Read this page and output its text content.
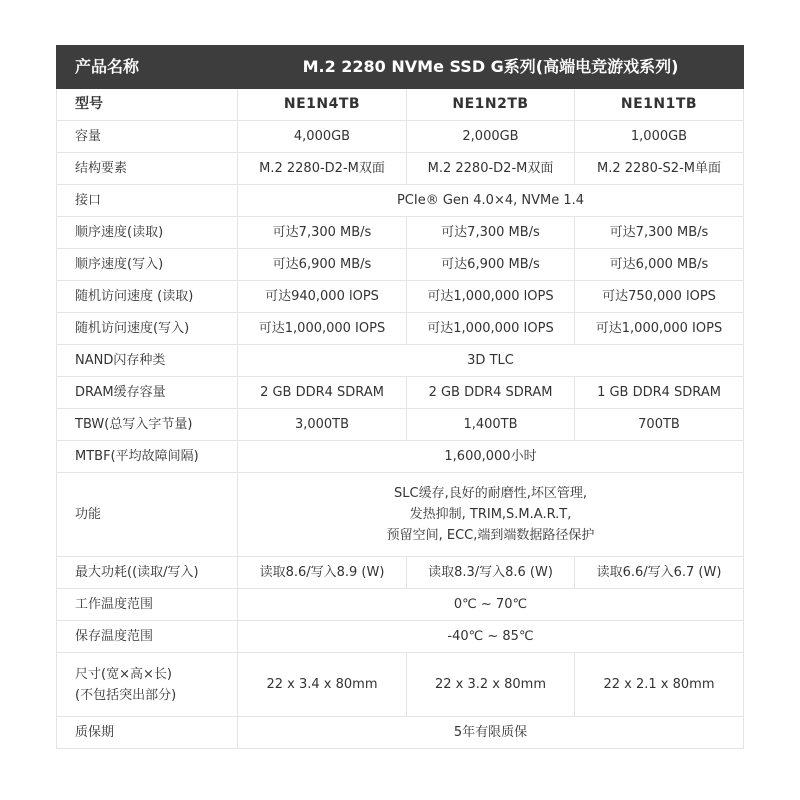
产品名称	M.2 2280 NVMe SSD G系列(高端电竞游戏系列)		
型号	NE1N4TB	NE1N2TB	NE1N1TB
容量	4,000GB	2,000GB	1,000GB
结构要素	M.2 2280-D2-M双面	M.2 2280-D2-M双面	M.2 2280-S2-M单面
接口	PCIe® Gen 4.0×4, NVMe 1.4		
顺序速度(读取)	可达7,300 MB/s	可达7,300 MB/s	可达7,300 MB/s
顺序速度(写入)	可达6,900 MB/s	可达6,900 MB/s	可达6,000 MB/s
随机访问速度 (读取)	可达940,000 lOPS	可达1,000,000 lOPS	可达750,000 lOPS
随机访问速度(写入)	可达1,000,000 IOPS	可达1,000,000 IOPS	可达1,000,000 IOPS
NAND闪存种类	3D TLC		
DRAM缓存容量	2 GB DDR4 SDRAM	2 GB DDR4 SDRAM	1 GB DDR4 SDRAM
TBW(总写入字节量)	3,000TB	1,400TB	700TB
MTBF(平均故障间隔)	1,600,000小时		
功能	SLC缓存,良好的耐磨性,坏区管理,
发热抑制, TRIM,S.M.A.R.T,
预留空间, ECC,端到端数据路径保护		

最大功耗((读取/写入)	读取8.6/写入8.9 (W)	读取8.3/写入8.6 (W)	读取6.6/写入6.7 (W)
工作温度范围	0℃ ~ 70℃		
保存温度范围	-40℃ ~ 85℃		

尺寸(宽×高×长)
(不包括突出部分)	22 x 3.4 x 80mm	22 x 3.2 x 80mm	22 x 2.1 x 80mm
质保期	5年有限质保		
